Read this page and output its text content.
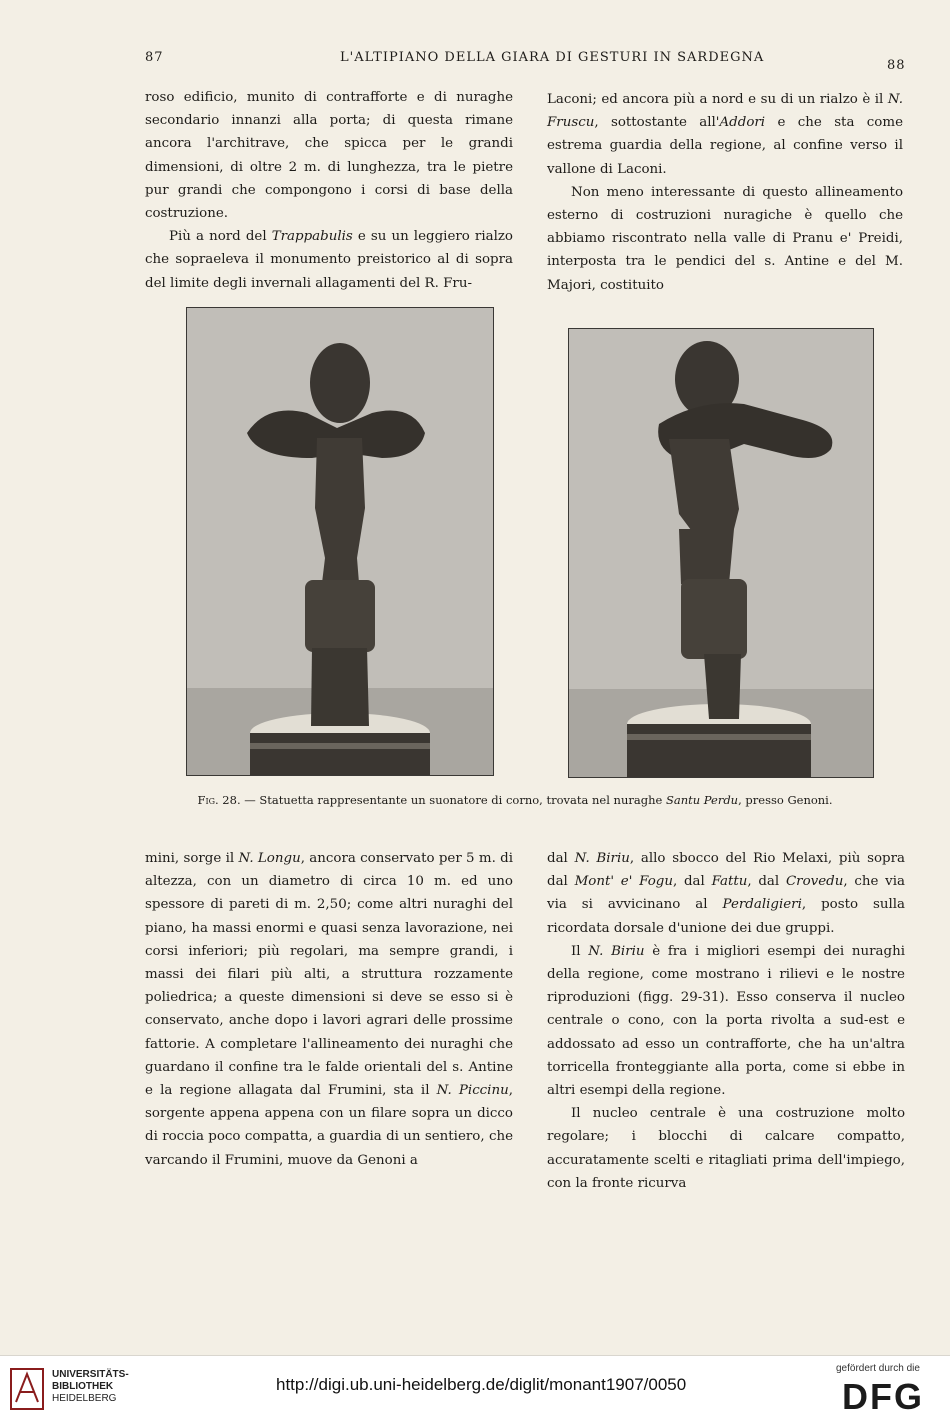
87	L'ALTIPIANO DELLA GIARA DI GESTURI IN SARDEGNA
88

roso edificio, munito di contrafforte e di nuraghe secondario innanzi alla porta; di questa rimane ancora l'architrave, che spicca per le grandi dimensioni, di oltre 2 m. di lunghezza, tra le pietre pur grandi che compongono i corsi di base della costruzione.

Più a nord del Trappabulis e su un leggiero rialzo che sopraeleva il monumento preistorico al di sopra del limite degli invernali allagamenti del R. Fru-

Laconi; ed ancora più a nord e su di un rialzo è il N. Fruscu, sottostante all'Addori e che sta come estrema guardia della regione, al confine verso il vallone di Laconi.

Non meno interessante di questo allineamento esterno di costruzioni nuragiche è quello che abbiamo riscontrato nella valle di Pranu e' Preidi, interposta tra le pendici del s. Antine e del M. Majori, costituito

Fig. 28. — Statuetta rappresentante un suonatore di corno, trovata nel nuraghe Santu Perdu, presso Genoni.

mini, sorge il N. Longu, ancora conservato per 5 m. di altezza, con un diametro di circa 10 m. ed uno spessore di pareti di m. 2,50; come altri nuraghi del piano, ha massi enormi e quasi senza lavorazione, nei corsi inferiori; più regolari, ma sempre grandi, i massi dei filari più alti, a struttura rozzamente poliedrica; a queste dimensioni si deve se esso si è conservato, anche dopo i lavori agrari delle prossime fattorie. A completare l'allineamento dei nuraghi che guardano il confine tra le falde orientali del s. Antine e la regione allagata dal Frumini, sta il N. Piccinu, sorgente appena appena con un filare sopra un dicco di roccia poco compatta, a guardia di un sentiero, che varcando il Frumini, muove da Genoni a

dal N. Biriu, allo sbocco del Rio Melaxi, più sopra dal Mont' e' Fogu, dal Fattu, dal Crovedu, che via via si avvicinano al Perdaligieri, posto sulla ricordata dorsale d'unione dei due gruppi.

Il N. Biriu è fra i migliori esempi dei nuraghi della regione, come mostrano i rilievi e le nostre riproduzioni (figg. 29-31). Esso conserva il nucleo centrale o cono, con la porta rivolta a sud-est e addossato ad esso un contrafforte, che ha un'altra torricella fronteggiante alla porta, come si ebbe in altri esempi della regione.

Il nucleo centrale è una costruzione molto regolare; i blocchi di calcare compatto, accuratamente scelti e ritagliati prima dell'impiego, con la fronte ricurva

UNIVERSITÄTS-
BIBLIOTHEK
HEIDELBERG
http://digi.ub.uni-heidelberg.de/diglit/monant1907/0050
gefördert durch die
DFG
